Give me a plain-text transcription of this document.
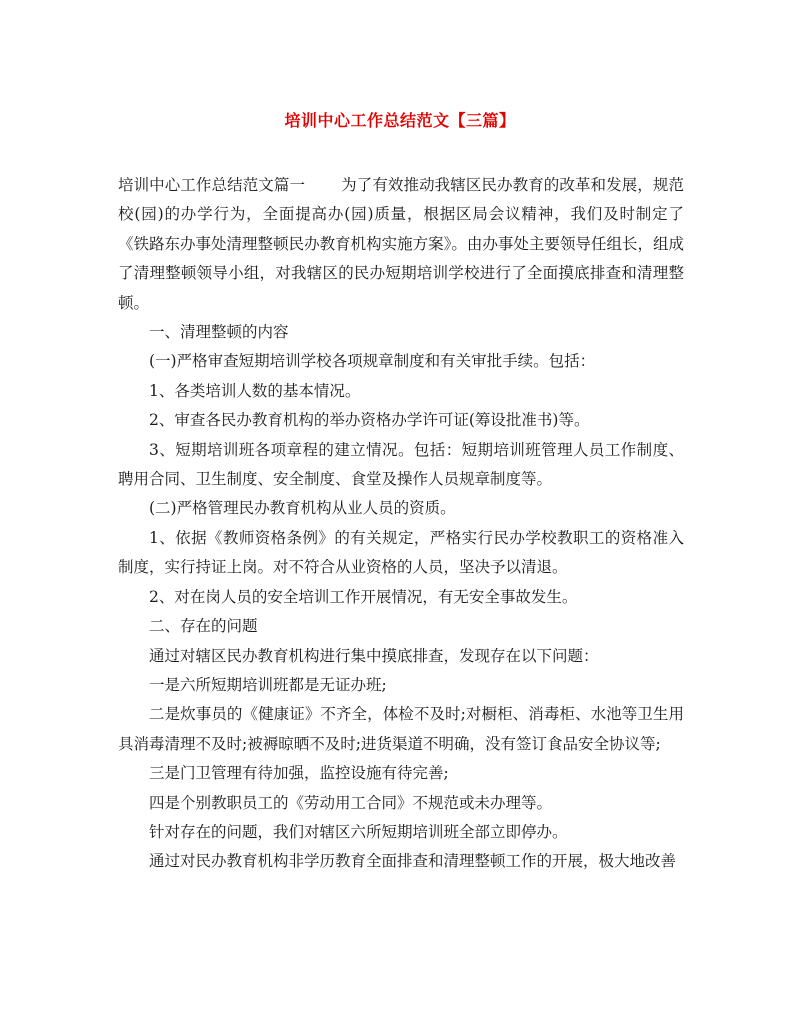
培训中心工作总结范文【三篇】

培训中心工作总结范文篇一 为了有效推动我辖区民办教育的改革和发展，规范校(园)的办学行为，全面提高办(园)质量，根据区局会议精神，我们及时制定了《铁路东办事处清理整顿民办教育机构实施方案》。由办事处主要领导任组长，组成了清理整顿领导小组，对我辖区的民办短期培训学校进行了全面摸底排查和清理整顿。

一、清理整顿的内容

(一)严格审查短期培训学校各项规章制度和有关审批手续。包括：

1、各类培训人数的基本情况。

2、审查各民办教育机构的举办资格办学许可证(筹设批准书)等。

3、短期培训班各项章程的建立情况。包括：短期培训班管理人员工作制度、聘用合同、卫生制度、安全制度、食堂及操作人员规章制度等。

(二)严格管理民办教育机构从业人员的资质。

1、依据《教师资格条例》的有关规定，严格实行民办学校教职工的资格准入制度，实行持证上岗。对不符合从业资格的人员，坚决予以清退。

2、对在岗人员的安全培训工作开展情况，有无安全事故发生。

二、存在的问题

通过对辖区民办教育机构进行集中摸底排查，发现存在以下问题：

一是六所短期培训班都是无证办班;

二是炊事员的《健康证》不齐全，体检不及时;对橱柜、消毒柜、水池等卫生用具消毒清理不及时;被褥晾晒不及时;进货渠道不明确，没有签订食品安全协议等;

三是门卫管理有待加强，监控设施有待完善;

四是个别教职员工的《劳动用工合同》不规范或未办理等。

针对存在的问题，我们对辖区六所短期培训班全部立即停办。

通过对民办教育机构非学历教育全面排查和清理整顿工作的开展，极大地改善
